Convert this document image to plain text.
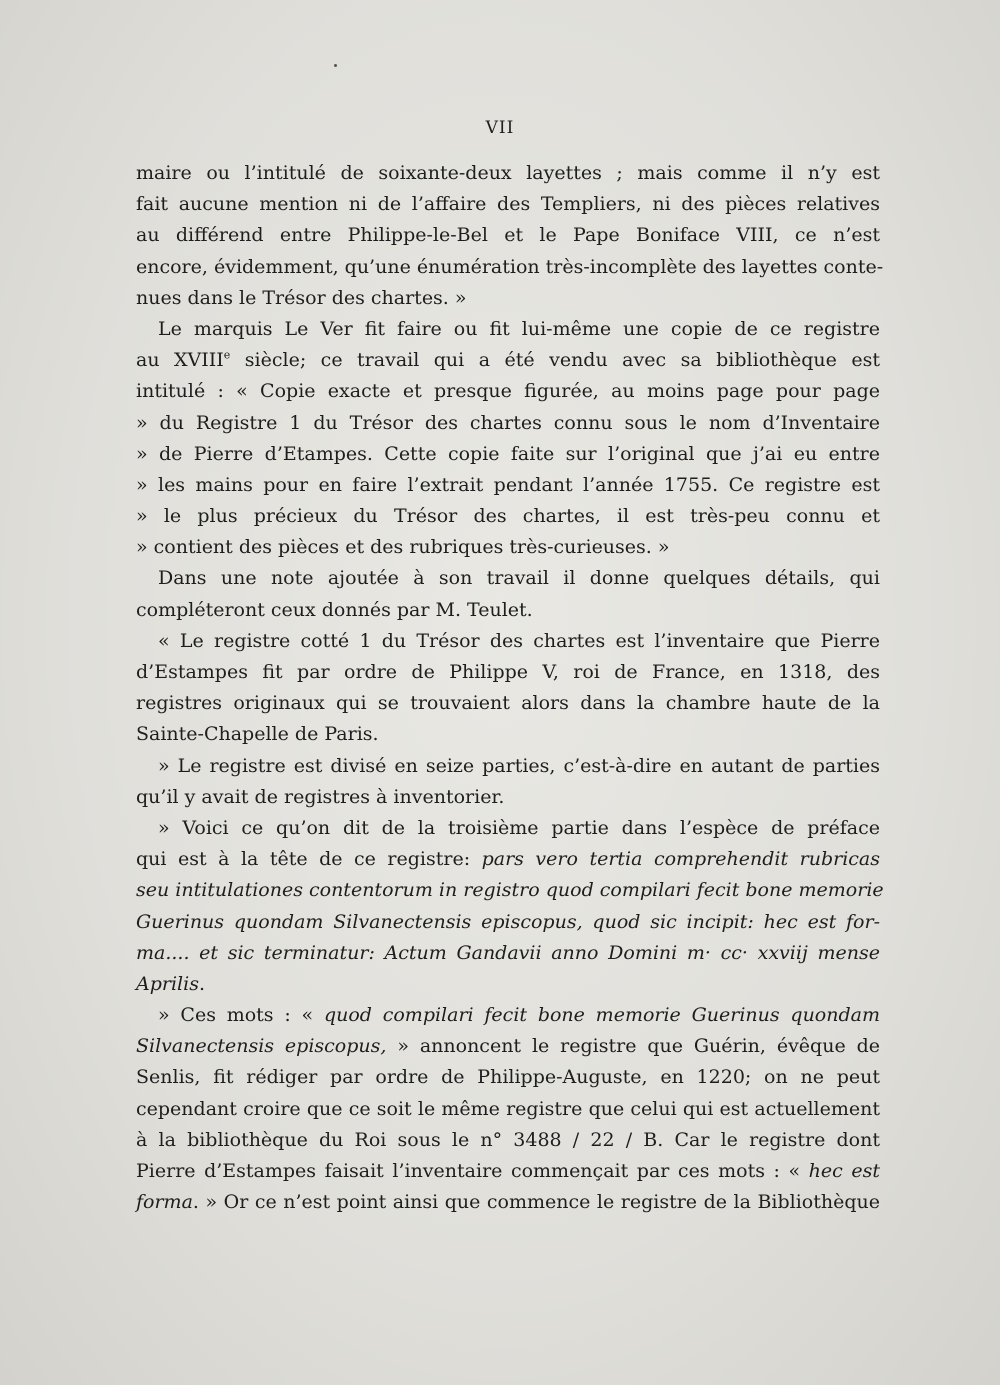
VII
maire ou l’intitulé de soixante-deux layettes ; mais comme il n’y est
fait aucune mention ni de l’affaire des Templiers, ni des pièces relatives
au différend entre Philippe-le-Bel et le Pape Boniface VIII, ce n’est
encore, évidemment, qu’une énumération très-incomplète des layettes conte-
nues dans le Trésor des chartes. »
Le marquis Le Ver fit faire ou fit lui-même une copie de ce registre
au XVIIIe siècle; ce travail qui a été vendu avec sa bibliothèque est
intitulé : « Copie exacte et presque figurée, au moins page pour page
» du Registre 1 du Trésor des chartes connu sous le nom d’Inventaire
» de Pierre d’Etampes. Cette copie faite sur l’original que j’ai eu entre
» les mains pour en faire l’extrait pendant l’année 1755. Ce registre est
» le plus précieux du Trésor des chartes, il est très-peu connu et
» contient des pièces et des rubriques très-curieuses. »
Dans une note ajoutée à son travail il donne quelques détails, qui
compléteront ceux donnés par M. Teulet.
« Le registre cotté 1 du Trésor des chartes est l’inventaire que Pierre
d’Estampes fit par ordre de Philippe V, roi de France, en 1318, des
registres originaux qui se trouvaient alors dans la chambre haute de la
Sainte-Chapelle de Paris.
» Le registre est divisé en seize parties, c’est-à-dire en autant de parties
qu’il y avait de registres à inventorier.
» Voici ce qu’on dit de la troisième partie dans l’espèce de préface
qui est à la tête de ce registre: pars vero tertia comprehendit rubricas
seu intitulationes contentorum in registro quod compilari fecit bone memorie
Guerinus quondam Silvanectensis episcopus, quod sic incipit: hec est for-
ma.... et sic terminatur: Actum Gandavii anno Domini m· cc· xxviij mense
Aprilis.
» Ces mots : « quod compilari fecit bone memorie Guerinus quondam
Silvanectensis episcopus, » annoncent le registre que Guérin, évêque de
Senlis, fit rédiger par ordre de Philippe-Auguste, en 1220; on ne peut
cependant croire que ce soit le même registre que celui qui est actuellement
à la bibliothèque du Roi sous le n° 3488 / 22 / B. Car le registre dont
Pierre d’Estampes faisait l’inventaire commençait par ces mots : « hec est
forma. » Or ce n’est point ainsi que commence le registre de la Bibliothèque
